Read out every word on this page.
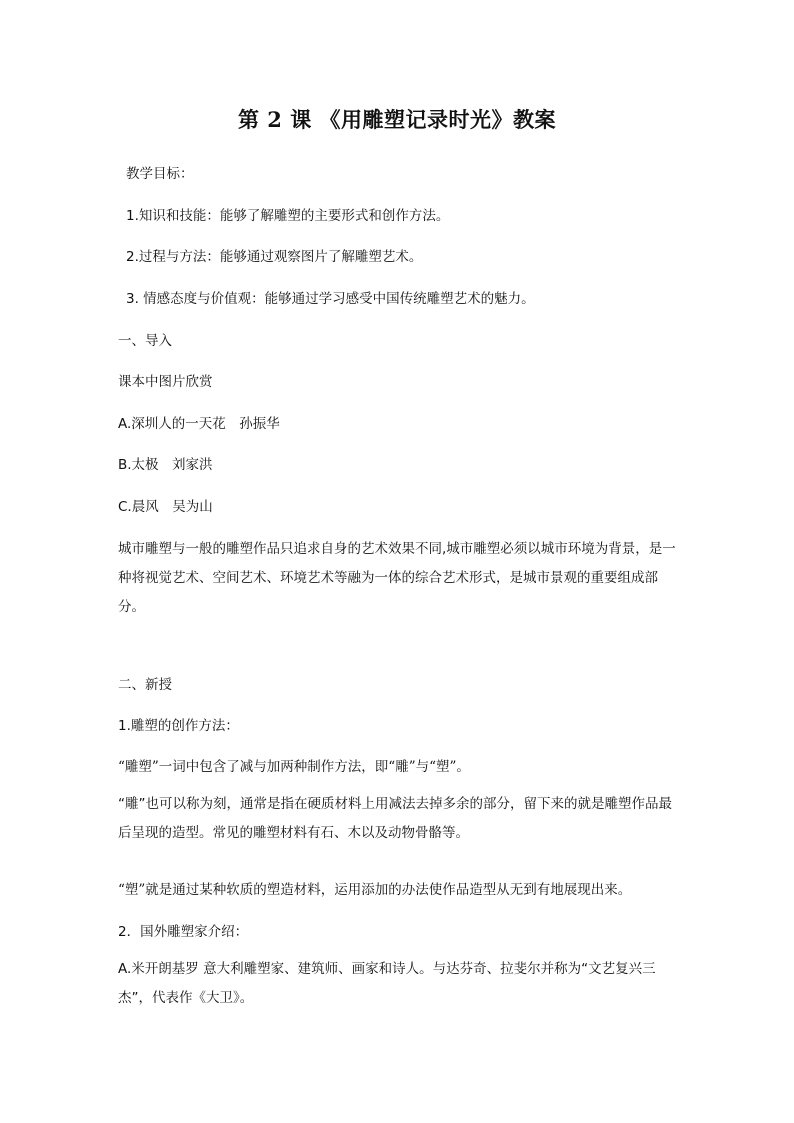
第 2 课 《用雕塑记录时光》教案
教学目标：
1.知识和技能：能够了解雕塑的主要形式和创作方法。
2.过程与方法：能够通过观察图片了解雕塑艺术。
3. 情感态度与价值观：能够通过学习感受中国传统雕塑艺术的魅力。
一、导入
课本中图片欣赏
A.深圳人的一天花　孙振华
B.太极　刘家洪
C.晨风　吴为山
城市雕塑与一般的雕塑作品只追求自身的艺术效果不同,城市雕塑必须以城市环境为背景，是一种将视觉艺术、空间艺术、环境艺术等融为一体的综合艺术形式，是城市景观的重要组成部分。
二、新授
1.雕塑的创作方法：
“雕塑”一词中包含了减与加两种制作方法，即“雕”与“塑”。
“雕”也可以称为刻，通常是指在硬质材料上用减法去掉多余的部分，留下来的就是雕塑作品最后呈现的造型。常见的雕塑材料有石、木以及动物骨骼等。
“塑”就是通过某种软质的塑造材料，运用添加的办法使作品造型从无到有地展现出来。
2．国外雕塑家介绍：
A.米开朗基罗 意大利雕塑家、建筑师、画家和诗人。与达芬奇、拉斐尔并称为“文艺复兴三杰”，代表作《大卫》。
